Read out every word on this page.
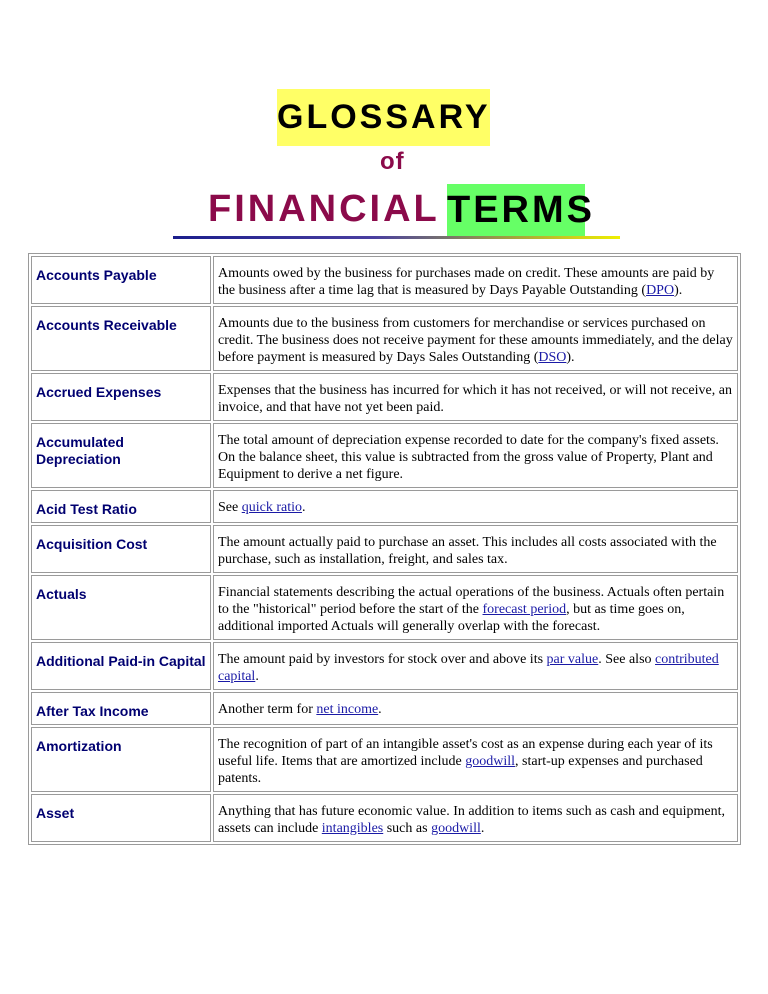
GLOSSARY
of
FINANCIAL TERMS
Accounts Payable	Amounts owed by the business for purchases made on credit. These amounts are paid by the business after a time lag that is measured by Days Payable Outstanding (DPO).
Accounts Receivable	Amounts due to the business from customers for merchandise or services purchased on credit. The business does not receive payment for these amounts immediately, and the delay before payment is measured by Days Sales Outstanding (DSO).
Accrued Expenses	Expenses that the business has incurred for which it has not received, or will not receive, an invoice, and that have not yet been paid.
Accumulated Depreciation	The total amount of depreciation expense recorded to date for the company's fixed assets. On the balance sheet, this value is subtracted from the gross value of Property, Plant and Equipment to derive a net figure.
Acid Test Ratio	See quick ratio.
Acquisition Cost	The amount actually paid to purchase an asset. This includes all costs associated with the purchase, such as installation, freight, and sales tax.
Actuals	Financial statements describing the actual operations of the business. Actuals often pertain to the "historical" period before the start of the forecast period, but as time goes on, additional imported Actuals will generally overlap with the forecast.
Additional Paid-in Capital	The amount paid by investors for stock over and above its par value. See also contributed capital.
After Tax Income	Another term for net income.
Amortization	The recognition of part of an intangible asset's cost as an expense during each year of its useful life. Items that are amortized include goodwill, start-up expenses and purchased patents.
Asset	Anything that has future economic value. In addition to items such as cash and equipment, assets can include intangibles such as goodwill.
